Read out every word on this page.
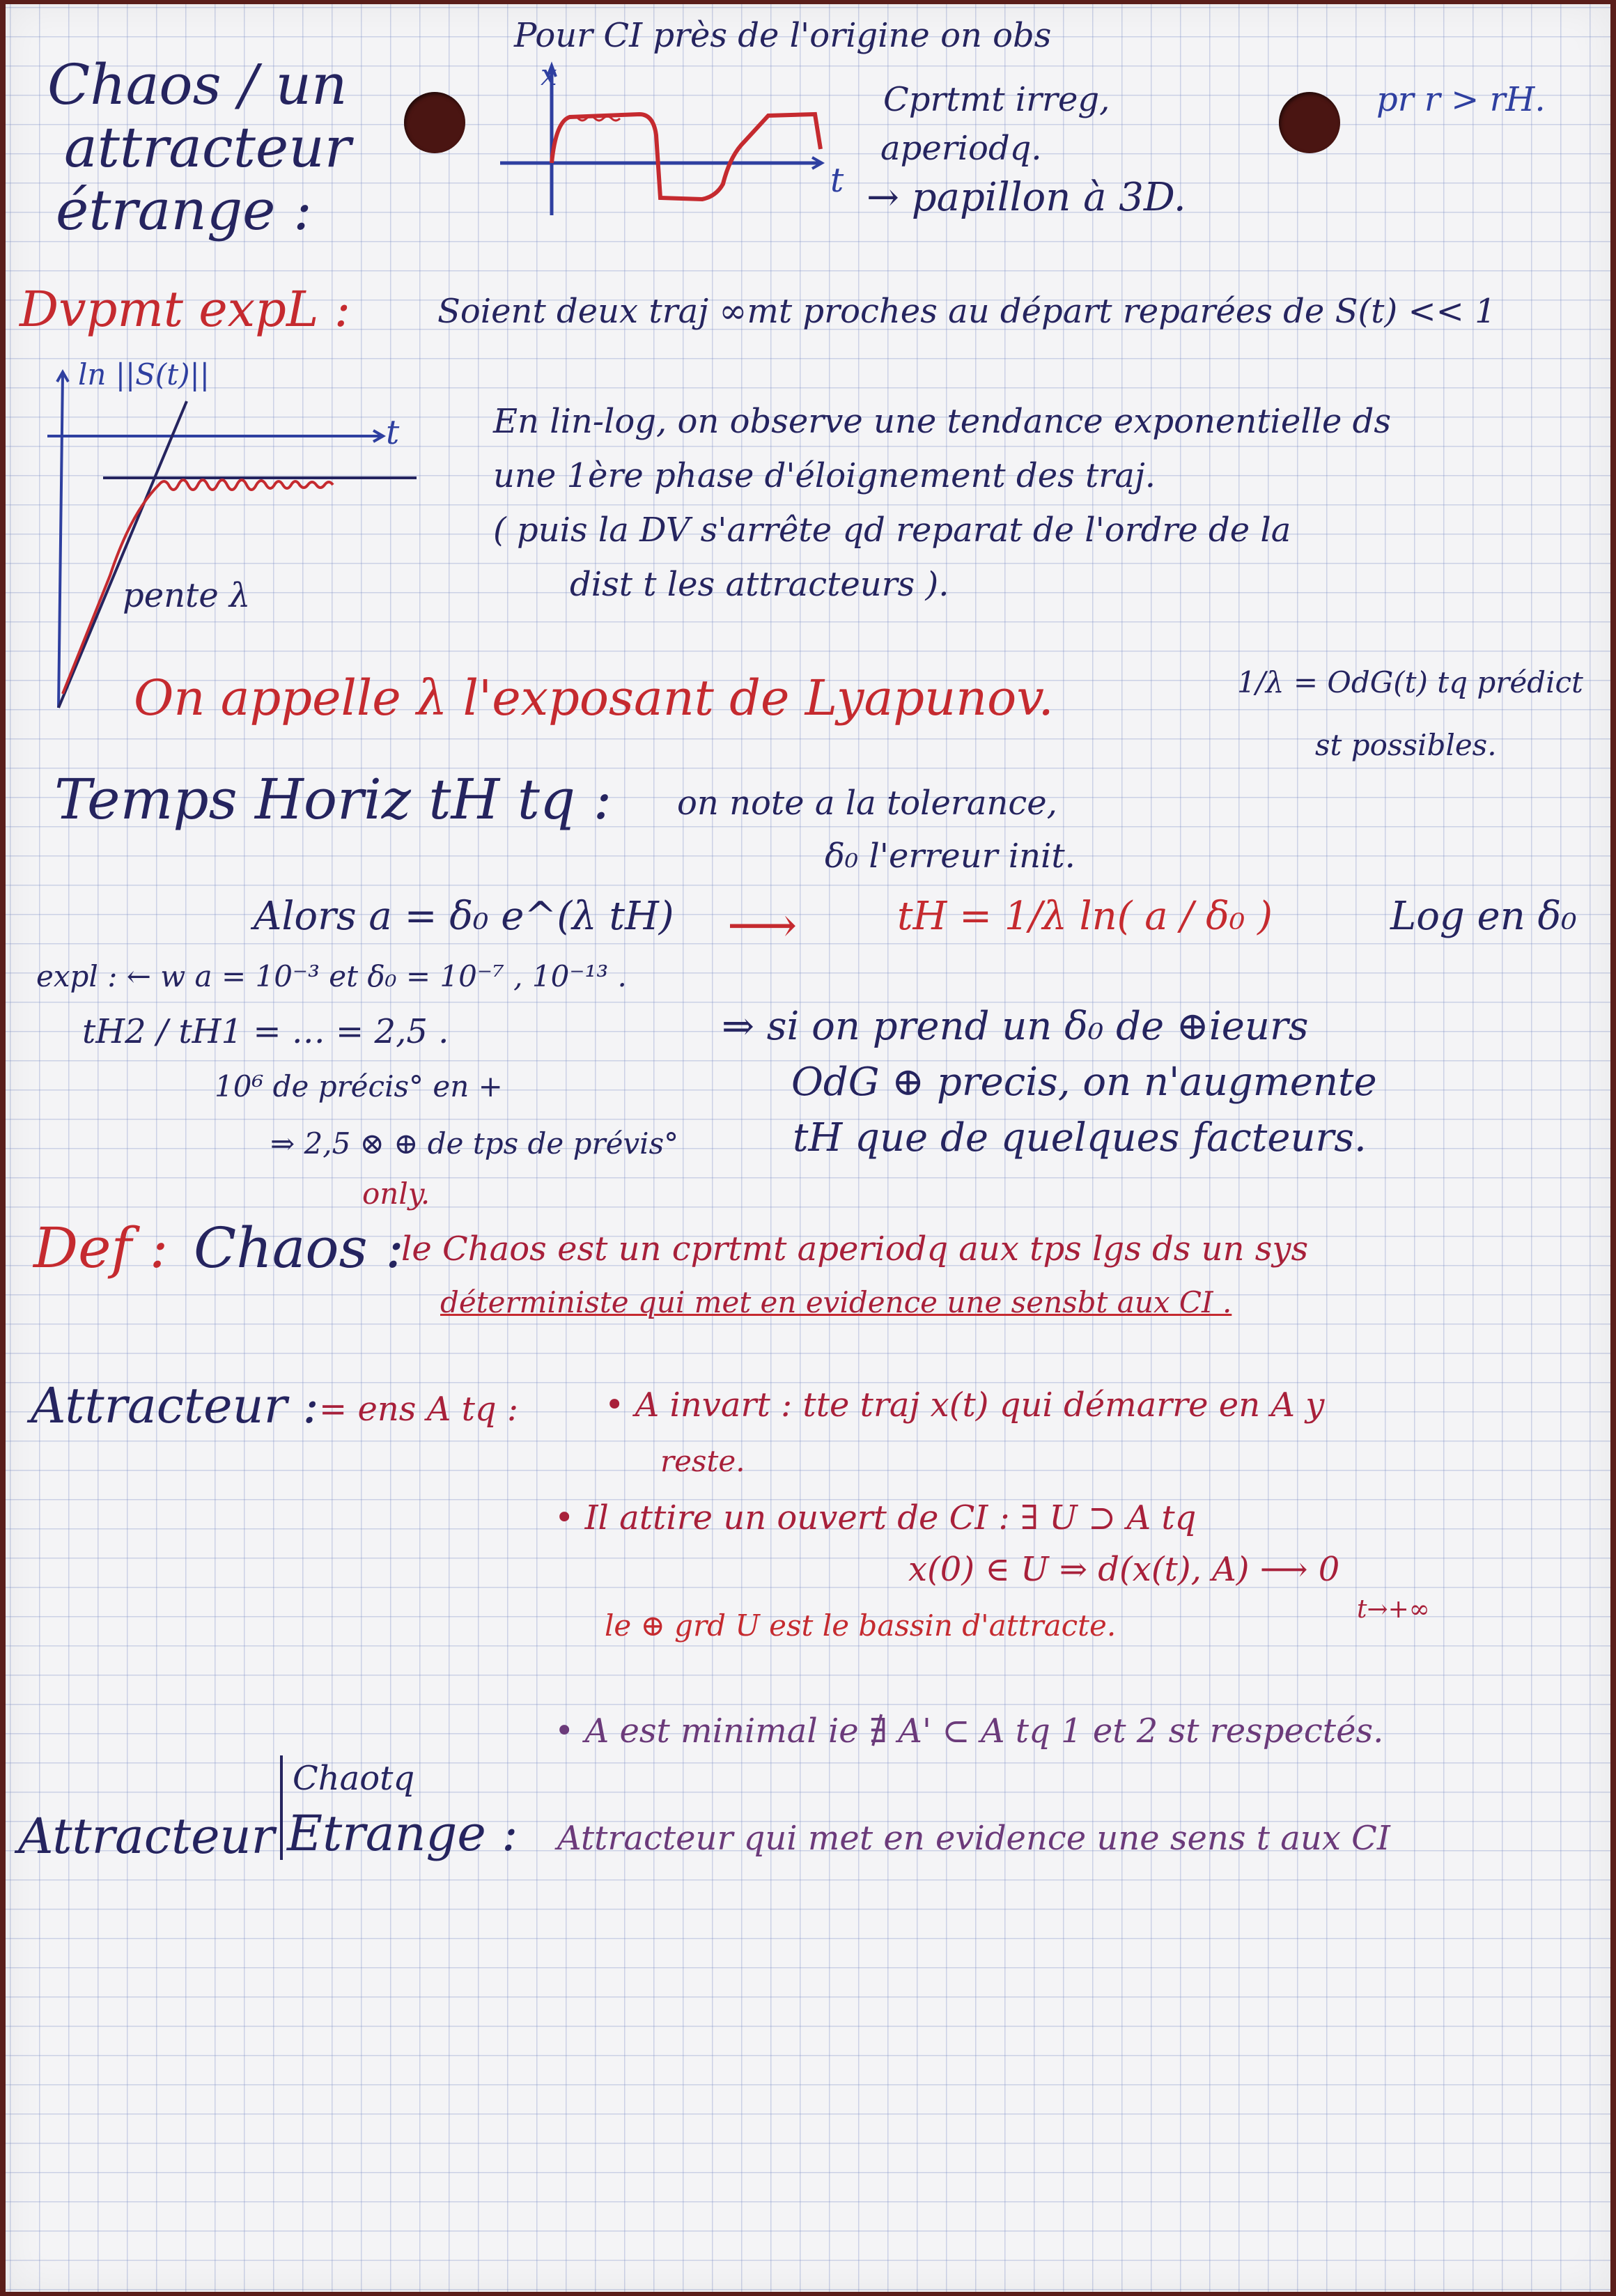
Chaos / un

attracteur

étrange :

Pour CI près de l'origine on obs

x

t

Cprtmt irreg,

aperiodq.

→ papillon à 3D.

pr r > rH.

Dvpmt expL :	Soient deux traj ∞mt proches au départ reparées de S(t) << 1

ln ||S(t)||

t

pente λ

En lin-log, on observe une tendance exponentielle ds

une 1ère phase d'éloignement des traj.

( puis la DV s'arrête qd reparat de l'ordre de la

dist t les attracteurs ).

On appelle λ l'exposant de Lyapunov.	1/λ = OdG(t) tq prédict

st possibles.

Temps Horiz tH tq : on note a la tolerance,

δ₀ l'erreur init.

Alors a = δ₀ e^(λ tH) ⟶	tH = 1/λ ln( a / δ₀ )	Log en δ₀

expl : ← w a = 10⁻³ et δ₀ = 10⁻⁷ , 10⁻¹³ .

tH2 / tH1 = … = 2,5 .

10⁶ de précis° en +

⇒ 2,5 ⊗ ⊕ de tps de prévis°

only.

⇒ si on prend un δ₀ de ⊕ieurs

OdG ⊕ precis, on n'augmente

tH que de quelques facteurs.

Def : Chaos :

le Chaos est un cprtmt aperiodq aux tps lgs ds un sys

déterministe qui met en evidence une sensbt aux CI .

Attracteur : = ens A tq :	• A invart : tte traj x(t) qui démarre en A y

reste.

• Il attire un ouvert de CI : ∃ U ⊃ A tq

x(0) ∈ U ⇒ d(x(t), A) ⟶ 0

t→+∞

le ⊕ grd U est le bassin d'attracte.

• A est minimal ie ∄ A' ⊂ A tq 1 et 2 st respectés.

Attracteur

Chaotq

Etrange : Attracteur qui met en evidence une sens t aux CI
